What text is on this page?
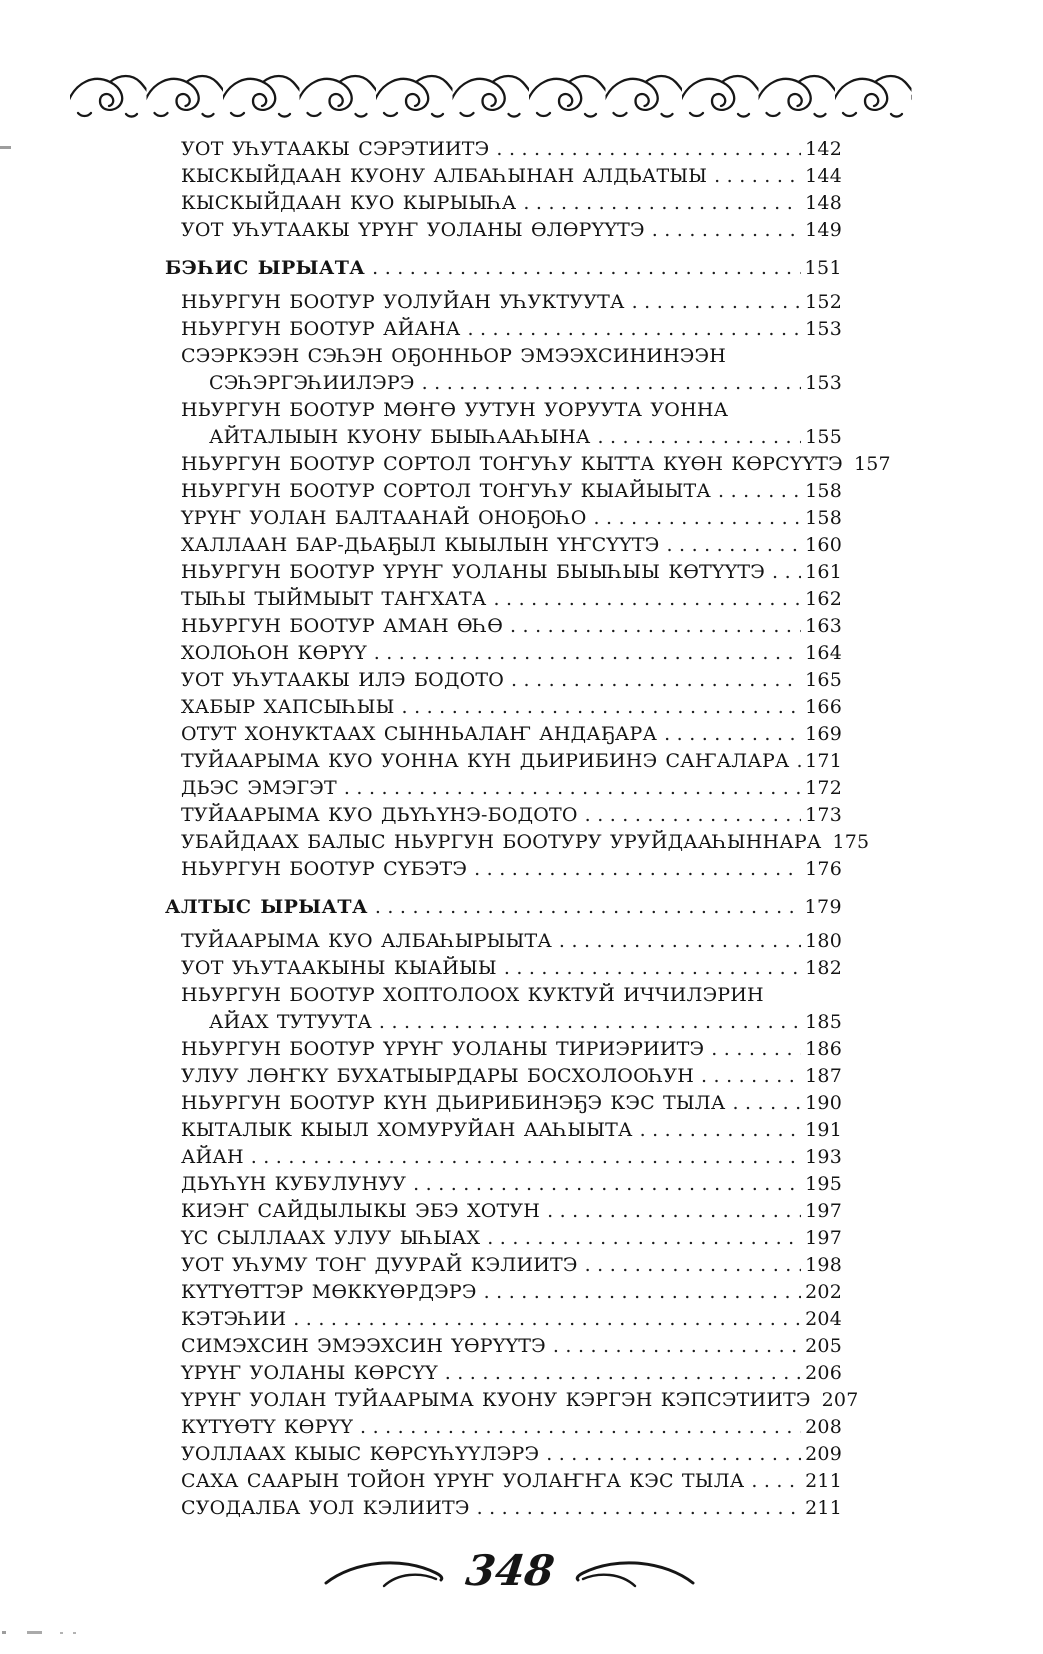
УОТ УҺУТААКЫ СЭРЭТИИТЭ .....	142
КЫСКЫЙДААН КУОНУ АЛБАҺЫНАН АЛДЬАТЫЫ .....	144
КЫСКЫЙДААН КУО КЫРЫЫҺА .....	148
УОТ УҺУТААКЫ ҮРҮҤ УОЛАНЫ ӨЛӨРҮҮТЭ .....	149
БЭҺИС ЫРЫАТА .....	151
НЬУРГУН БООТУР УОЛУЙАН УҺУКТУУТА .....	152
НЬУРГУН БООТУР АЙАНА .....	153
СЭЭРКЭЭН СЭҺЭН ОҔОННЬОР ЭМЭЭХСИНИНЭЭН
СЭҺЭРГЭҺИИЛЭРЭ .....	153
НЬУРГУН БООТУР МӨҤӨ УУТУН УОРУУТА УОННА
АЙТАЛЫЫН КУОНУ БЫЫҺААҺЫНА .....	155
НЬУРГУН БООТУР СОРТОЛ ТОҤУҺУ КЫТТА КҮӨН КӨРСҮҮТЭ 157
НЬУРГУН БООТУР СОРТОЛ ТОҤУҺУ КЫАЙЫЫТА .....	158
ҮРҮҤ УОЛАН БАЛТААНАЙ ОНОҔОҺО .....	158
ХАЛЛААН БАР-ДЬАҔЫЛ КЫЫЛЫН ҮҤСҮҮТЭ .....	160
НЬУРГУН БООТУР ҮРҮҤ УОЛАНЫ БЫЫҺЫЫ КӨТҮҮТЭ ..... 161
ТЫҺЫ ТЫЙМЫЫТ ТАҤХАТА .....	162
НЬУРГУН БООТУР АМАН ӨҺӨ .....	163
ХОЛОҺОН КӨРҮҮ .....	164
УОТ УҺУТААКЫ ИЛЭ БОДОТО .....	165
ХАБЫР ХАПСЫҺЫЫ .....	166
ОТУТ ХОНУКТААХ СЫННЬАЛАҤ АНДАҔАРА .....	169
ТУЙААРЫМА КУО УОННА КҮН ДЬИРИБИНЭ САҤАЛАРА ..... 171
ДЬЭС ЭМЭГЭТ .....	172
ТУЙААРЫМА КУО ДЬҮҺҮНЭ-БОДОТО .....	173
УБАЙДААХ БАЛЫС НЬУРГУН БООТУРУ УРУЙДААҺЫННАРА 175
НЬУРГУН БООТУР СҮБЭТЭ .....	176
АЛТЫС ЫРЫАТА .....	179
ТУЙААРЫМА КУО АЛБАҺЫРЫЫТА .....	180
УОТ УҺУТААКЫНЫ КЫАЙЫЫ .....	182
НЬУРГУН БООТУР ХОПТОЛООХ КУКТУЙ ИЧЧИЛЭРИН
АЙАХ ТУТУУТА .....	185
НЬУРГУН БООТУР ҮРҮҤ УОЛАНЫ ТИРИЭРИИТЭ .....	186
УЛУУ ЛӨҤКҮ БУХАТЫЫРДАРЫ БОСХОЛООҺУН .....	187
НЬУРГУН БООТУР КҮН ДЬИРИБИНЭҔЭ КЭС ТЫЛА .....	190
КЫТАЛЫК КЫЫЛ ХОМУРУЙАН ААҺЫЫТА .....	191
АЙАН .....	193
ДЬҮҺҮН КУБУЛУНУУ .....	195
КИЭҤ САЙДЫЛЫКЫ ЭБЭ ХОТУН .....	197
ҮС СЫЛЛААХ УЛУУ ЫҺЫАХ .....	197
УОТ УҺУМУ ТОҤ ДУУРАЙ КЭЛИИТЭ .....	198
КҮТҮӨТТЭР МӨККҮӨРДЭРЭ .....	202
КЭТЭҺИИ .....	204
СИМЭХСИН ЭМЭЭХСИН ҮӨРҮҮТЭ .....	205
ҮРҮҤ УОЛАНЫ КӨРСҮҮ .....	206
ҮРҮҤ УОЛАН ТУЙААРЫМА КУОНУ КЭРГЭН КЭПСЭТИИТЭ 207
КҮТҮӨТҮ КӨРҮҮ .....	208
УОЛЛААХ КЫЫС КӨРСҮҺҮҮЛЭРЭ .....	209
САХА СААРЫН ТОЙОН ҮРҮҤ УОЛАҤҤА КЭС ТЫЛА .....	211
СУОДАЛБА УОЛ КЭЛИИТЭ .....	211
348
